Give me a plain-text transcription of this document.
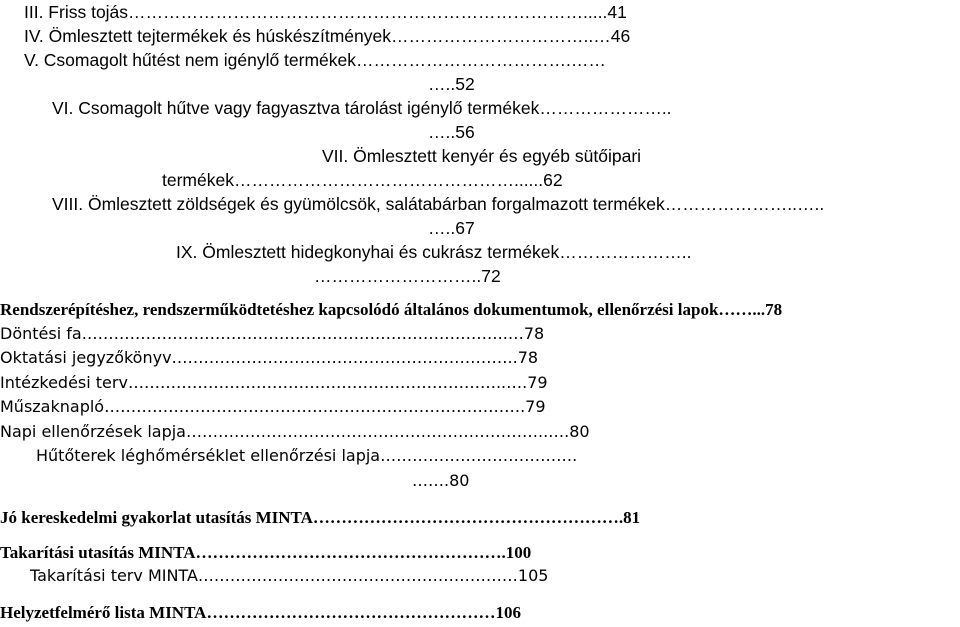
III. Friss tojás…………………………………………………………………….....41
IV. Ömlesztett tejtermékek és húskészítmények……………………………..…46
V. Csomagolt hűtést nem igénylő termékek……………………………….……
…..52
VI. Csomagolt hűtve vagy fagyasztva tárolást igénylő termékek…………………..
…..56
VII. Ömlesztett kenyér és egyéb sütőipari
termékek…………………………………………......62
VIII. Ömlesztett zöldségek és gyümölcsök, salátabárban forgalmazott termékek…………………..…..
…..67
IX. Ömlesztett hidegkonyhai és cukrász termékek…………………..
………………………..72
Rendszerépítéshez, rendszerműködtetéshez kapcsolódó általános dokumentumok, ellenőrzési lapok……...78
Döntési fa……………………………………………………………………..…78
Oktatási jegyzőkönyv………………………………………………………..78
Intézkedési terv……………………………………………………………..….79
Műszaknapló…………………………………………………………………….79
Napi ellenőrzések lapja…………………………………………………………..….80
Hűtőterek léghőmérséklet ellenőrzési lapja……………………………….
…….80
Jó kereskedelmi gyakorlat utasítás MINTA……………………………………………….81
Takarítási utasítás MINTA……………………………………………….100
Takarítási terv MINTA……………………………………………………105
Helyzetfelmérő lista MINTA……………………………………………106
